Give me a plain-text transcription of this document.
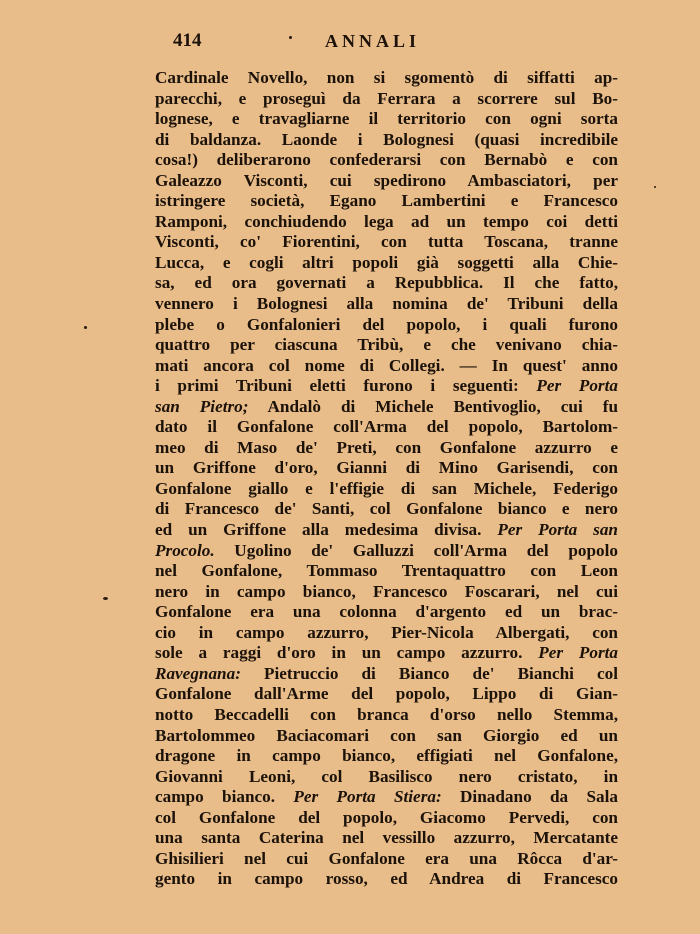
414	ANNALI
Cardinale Novello, non si sgomentò di siffatti ap-
parecchi, e proseguì da Ferrara a scorrere sul Bo-
lognese, e travagliarne il territorio con ogni sorta
di baldanza. Laonde i Bolognesi (quasi incredibile
cosa!) deliberarono confederarsi con Bernabò e con
Galeazzo Visconti, cui spedirono Ambasciatori, per
istringere società, Egano Lambertini e Francesco
Ramponi, conchiudendo lega ad un tempo coi detti
Visconti, co' Fiorentini, con tutta Toscana, tranne
Lucca, e cogli altri popoli già soggetti alla Chie-
sa, ed ora governati a Repubblica. Il che fatto,
vennero i Bolognesi alla nomina de' Tribuni della
plebe o Gonfalonieri del popolo, i quali furono
quattro per ciascuna Tribù, e che venivano chia-
mati ancora col nome di Collegi. — In quest' anno
i primi Tribuni eletti furono i seguenti: Per Porta
san Pietro; Andalò di Michele Bentivoglio, cui fu
dato il Gonfalone coll'Arma del popolo, Bartolom-
meo di Maso de' Preti, con Gonfalone azzurro e
un Griffone d'oro, Gianni di Mino Garisendi, con
Gonfalone giallo e l'effigie di san Michele, Federigo
di Francesco de' Santi, col Gonfalone bianco e nero
ed un Griffone alla medesima divisa. Per Porta san
Procolo. Ugolino de' Galluzzi coll'Arma del popolo
nel Gonfalone, Tommaso Trentaquattro con Leon
nero in campo bianco, Francesco Foscarari, nel cui
Gonfalone era una colonna d'argento ed un brac-
cio in campo azzurro, Pier-Nicola Albergati, con
sole a raggi d'oro in un campo azzurro. Per Porta
Ravegnana: Pietruccio di Bianco de' Bianchi col
Gonfalone dall'Arme del popolo, Lippo di Gian-
notto Beccadelli con branca d'orso nello Stemma,
Bartolommeo Baciacomari con san Giorgio ed un
dragone in campo bianco, effigiati nel Gonfalone,
Giovanni Leoni, col Basilisco nero cristato, in
campo bianco. Per Porta Stiera: Dinadano da Sala
col Gonfalone del popolo, Giacomo Pervedi, con
una santa Caterina nel vessillo azzurro, Mercatante
Ghisilieri nel cui Gonfalone era una Rôcca d'ar-
gento in campo rosso, ed Andrea di Francesco
